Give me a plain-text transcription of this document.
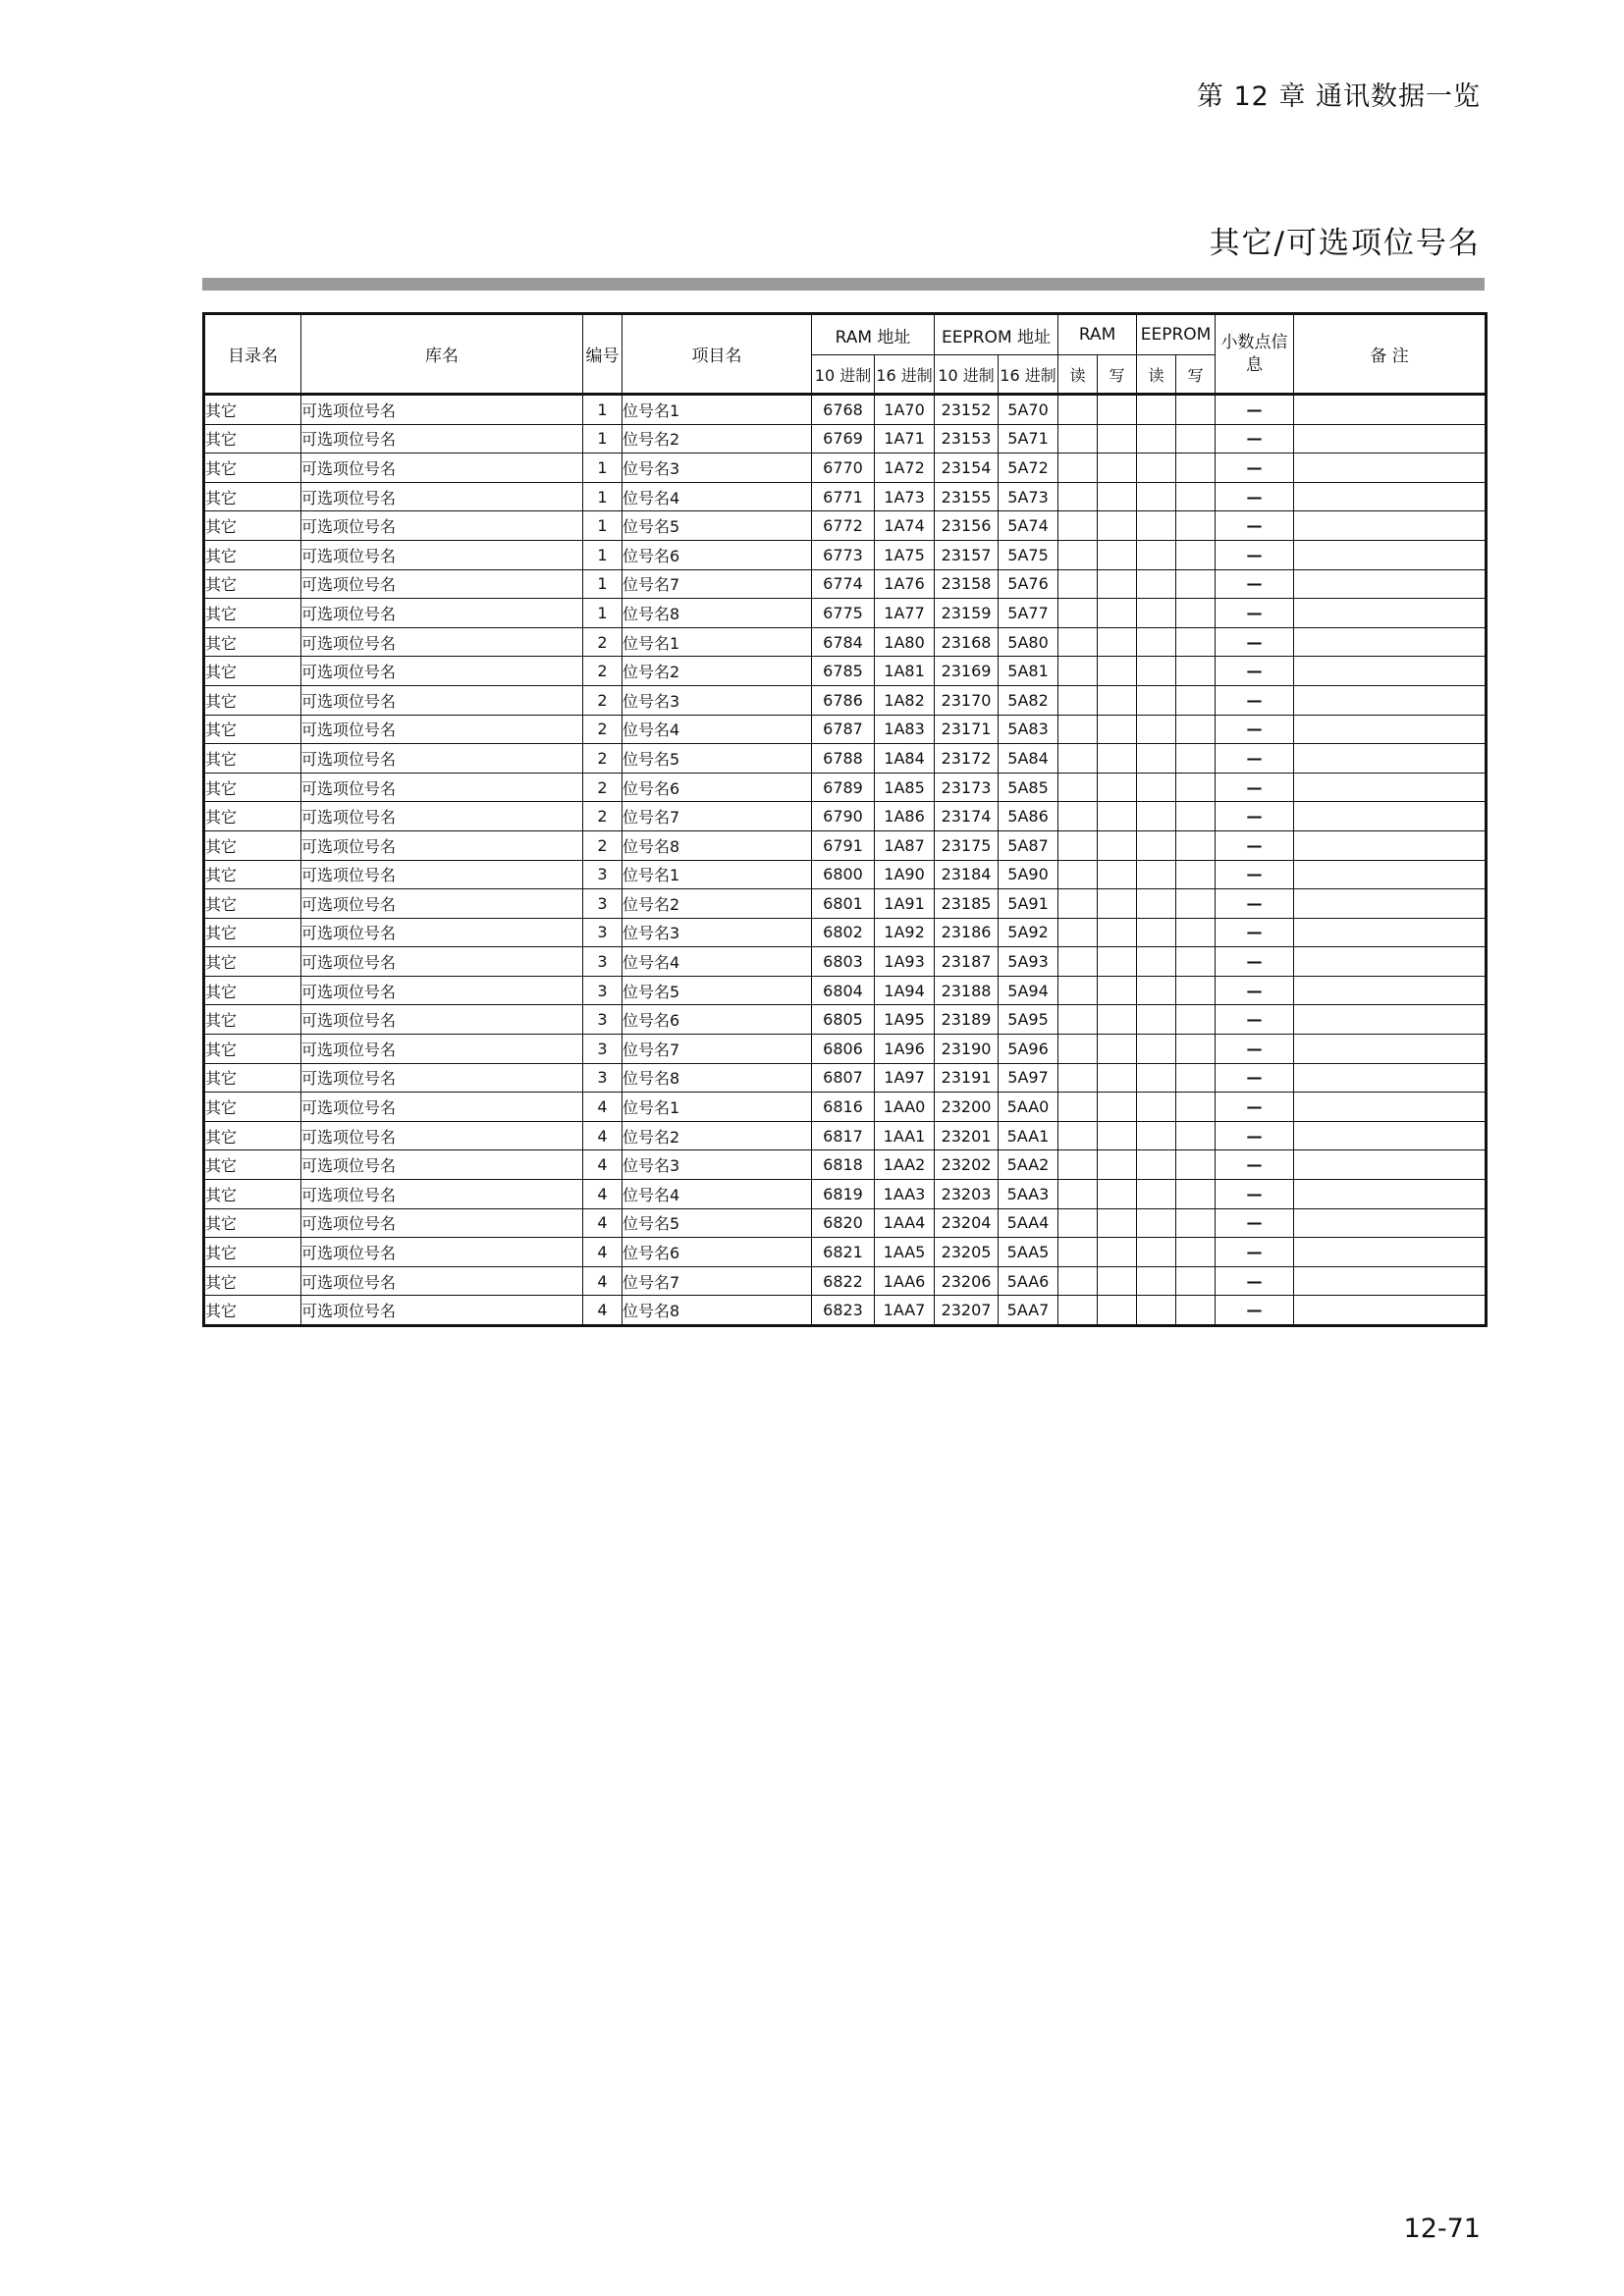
第 12 章 通讯数据一览
其它/可选项位号名
目录名	库名	编号	项目名	RAM 地址		EEPROM 地址		RAM		EEPROM		小数点信息	备 注
				10 进制	16 进制	10 进制	16 进制	读	写	读	写		
其它	可选项位号名	1	位号名1	6768	1A70	23152	5A70					—	
其它	可选项位号名	1	位号名2	6769	1A71	23153	5A71					—	
其它	可选项位号名	1	位号名3	6770	1A72	23154	5A72					—	
其它	可选项位号名	1	位号名4	6771	1A73	23155	5A73					—	
其它	可选项位号名	1	位号名5	6772	1A74	23156	5A74					—	
其它	可选项位号名	1	位号名6	6773	1A75	23157	5A75					—	
其它	可选项位号名	1	位号名7	6774	1A76	23158	5A76					—	
其它	可选项位号名	1	位号名8	6775	1A77	23159	5A77					—	
其它	可选项位号名	2	位号名1	6784	1A80	23168	5A80					—	
其它	可选项位号名	2	位号名2	6785	1A81	23169	5A81					—	
其它	可选项位号名	2	位号名3	6786	1A82	23170	5A82					—	
其它	可选项位号名	2	位号名4	6787	1A83	23171	5A83					—	
其它	可选项位号名	2	位号名5	6788	1A84	23172	5A84					—	
其它	可选项位号名	2	位号名6	6789	1A85	23173	5A85					—	
其它	可选项位号名	2	位号名7	6790	1A86	23174	5A86					—	
其它	可选项位号名	2	位号名8	6791	1A87	23175	5A87					—	
其它	可选项位号名	3	位号名1	6800	1A90	23184	5A90					—	
其它	可选项位号名	3	位号名2	6801	1A91	23185	5A91					—	
其它	可选项位号名	3	位号名3	6802	1A92	23186	5A92					—	
其它	可选项位号名	3	位号名4	6803	1A93	23187	5A93					—	
其它	可选项位号名	3	位号名5	6804	1A94	23188	5A94					—	
其它	可选项位号名	3	位号名6	6805	1A95	23189	5A95					—	
其它	可选项位号名	3	位号名7	6806	1A96	23190	5A96					—	
其它	可选项位号名	3	位号名8	6807	1A97	23191	5A97					—	
其它	可选项位号名	4	位号名1	6816	1AA0	23200	5AA0					—	
其它	可选项位号名	4	位号名2	6817	1AA1	23201	5AA1					—	
其它	可选项位号名	4	位号名3	6818	1AA2	23202	5AA2					—	
其它	可选项位号名	4	位号名4	6819	1AA3	23203	5AA3					—	
其它	可选项位号名	4	位号名5	6820	1AA4	23204	5AA4					—	
其它	可选项位号名	4	位号名6	6821	1AA5	23205	5AA5					—	
其它	可选项位号名	4	位号名7	6822	1AA6	23206	5AA6					—	
其它	可选项位号名	4	位号名8	6823	1AA7	23207	5AA7					—	
12-71
